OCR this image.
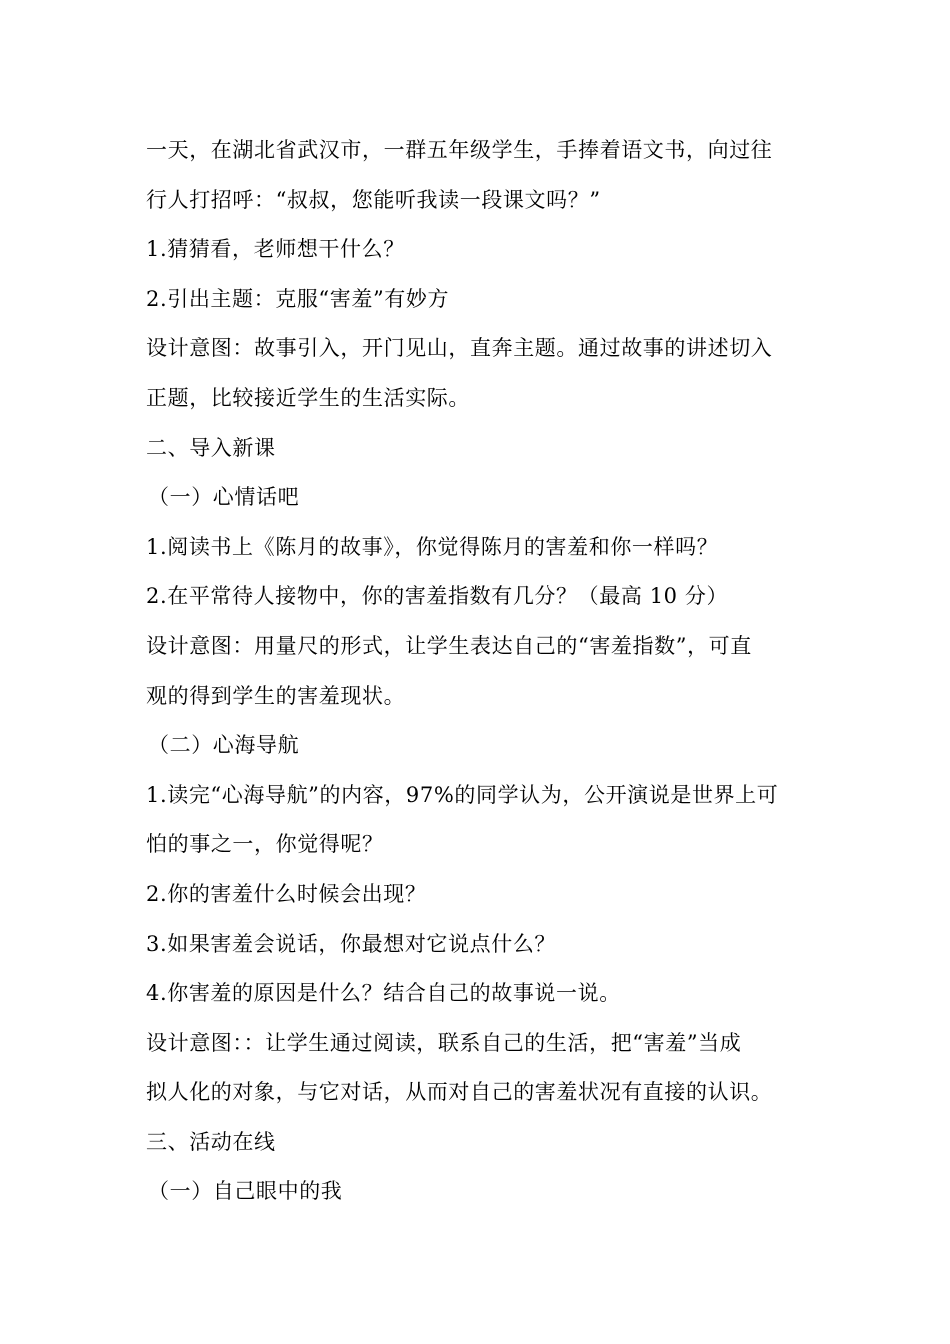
一天，在湖北省武汉市，一群五年级学生，手捧着语文书，向过往
行人打招呼：“叔叔，您能听我读一段课文吗？”
1.猜猜看，老师想干什么？
2.引出主题：克服“害羞”有妙方
设计意图：故事引入，开门见山，直奔主题。通过故事的讲述切入
正题，比较接近学生的生活实际。
二、导入新课
（一）心情话吧
1.阅读书上《陈月的故事》，你觉得陈月的害羞和你一样吗？
2.在平常待人接物中，你的害羞指数有几分？（最高 10 分）
设计意图：用量尺的形式，让学生表达自己的“害羞指数”，可直
观的得到学生的害羞现状。
（二）心海导航
1.读完“心海导航”的内容，97%的同学认为，公开演说是世界上可
怕的事之一，你觉得呢？
2.你的害羞什么时候会出现？
3.如果害羞会说话，你最想对它说点什么？
4.你害羞的原因是什么？结合自己的故事说一说。
设计意图：：让学生通过阅读，联系自己的生活，把“害羞”当成
拟人化的对象，与它对话，从而对自己的害羞状况有直接的认识。
三、活动在线
（一）自己眼中的我
